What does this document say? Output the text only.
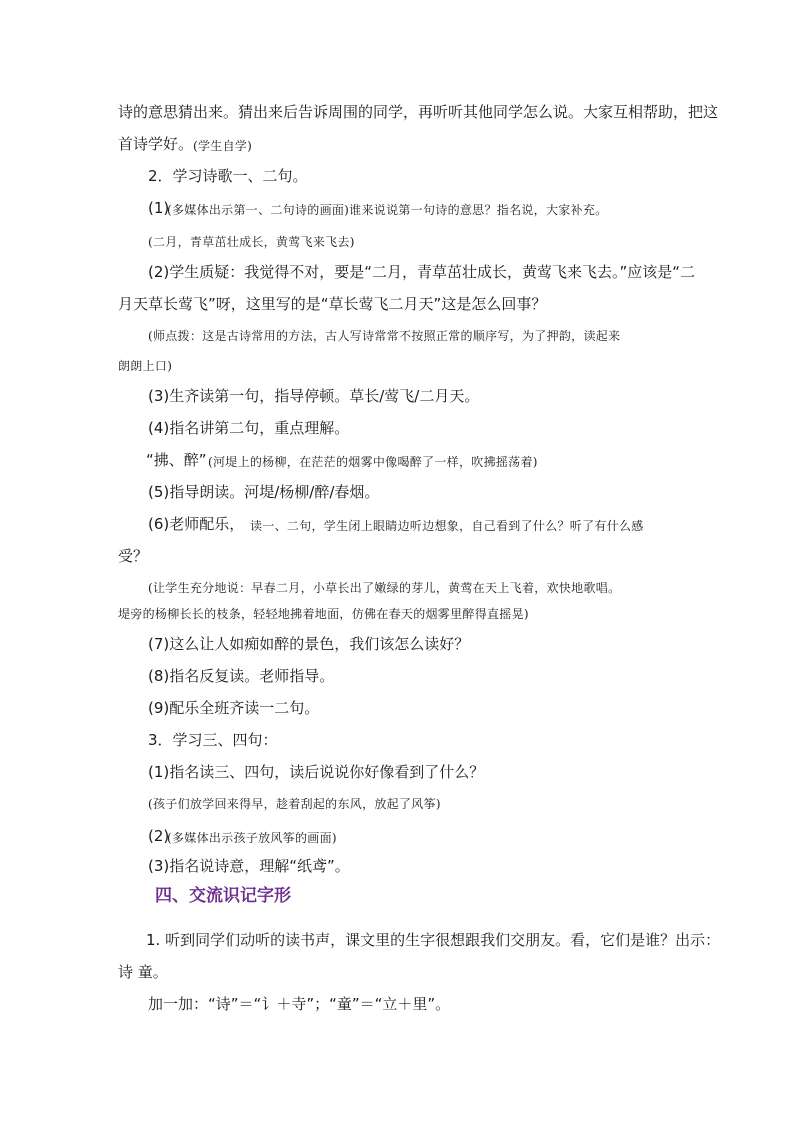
诗的意思猜出来。猜出来后告诉周围的同学，再听听其他同学怎么说。大家互相帮助，把这
首诗学好。 (学生自学)
2．学习诗歌一、二句。
(1)
(多媒体出示第一、二句诗的画面)谁来说说第一句诗的意思？指名说，大家补充。
(二月，青草茁壮成长，黄莺飞来飞去)
(2)学生质疑：我觉得不对，要是“二月，青草茁壮成长，黄莺飞来飞去。”应该是“二
月天草长莺飞”呀，这里写的是“草长莺飞二月天”这是怎么回事？
(师点拨：这是古诗常用的方法，古人写诗常常不按照正常的顺序写，为了押韵，读起来
朗朗上口)
(3)生齐读第一句，指导停顿。草长/莺飞/二月天。
(4)指名讲第二句，重点理解。
“拂、醉” (河堤上的杨柳，在茫茫的烟雾中像喝醉了一样，吹拂摇荡着)
(5)指导朗读。河堤/杨柳/醉/春烟。
(6)老师配乐， 读一、二句，学生闭上眼睛边听边想象，自己看到了什么？听了有什么感
受？
(让学生充分地说：早春二月，小草长出了嫩绿的芽儿，黄莺在天上飞着，欢快地歌唱。
堤旁的杨柳长长的枝条，轻轻地拂着地面，仿佛在春天的烟雾里醉得直摇晃)
(7)这么让人如痴如醉的景色，我们该怎么读好？
(8)指名反复读。老师指导。
(9)配乐全班齐读一二句。
3．学习三、四句：
(1)指名读三、四句，读后说说你好像看到了什么？
(孩子们放学回来得早，趁着刮起的东风，放起了风筝)
(2)
(多媒体出示孩子放风筝的画面)
(3)指名说诗意，理解“纸鸢”。
四、交流识记字形
1. 听到同学们动听的读书声，课文里的生字很想跟我们交朋友。看，它们是谁？出示：
诗 童。
加一加：“诗”＝“讠＋寺”；“童”＝“立＋里”。
